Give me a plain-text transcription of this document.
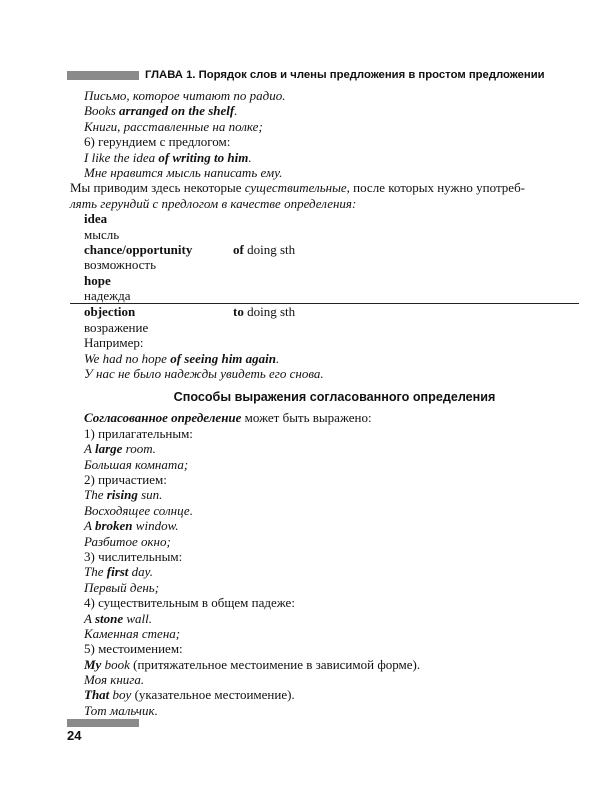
ГЛАВА 1. Порядок слов и члены предложения в простом предложении
Письмо, которое читают по радио.
Books arranged on the shelf.
Книги, расставленные на полке;
6) герундием с предлогом:
I like the idea of writing to him.
Мне нравится мысль написать ему.
Мы приводим здесь некоторые существительные, после которых нужно употреб-
лять герундий с предлогом в качестве определения:
idea
мысль
chance/opportunity	of doing sth
возможность
hope
надежда
objection	to doing sth
возражение
Например:
We had no hope of seeing him again.
У нас не было надежды увидеть его снова.
Способы выражения согласованного определения
Согласованное определение может быть выражено:
1) прилагательным:
A large room.
Большая комната;
2) причастием:
The rising sun.
Восходящее солнце.
A broken window.
Разбитое окно;
3) числительным:
The first day.
Первый день;
4) существительным в общем падеже:
A stone wall.
Каменная стена;
5) местоимением:
My book (притяжательное местоимение в зависимой форме).
Моя книга.
That boy (указательное местоимение).
Тот мальчик.
24
